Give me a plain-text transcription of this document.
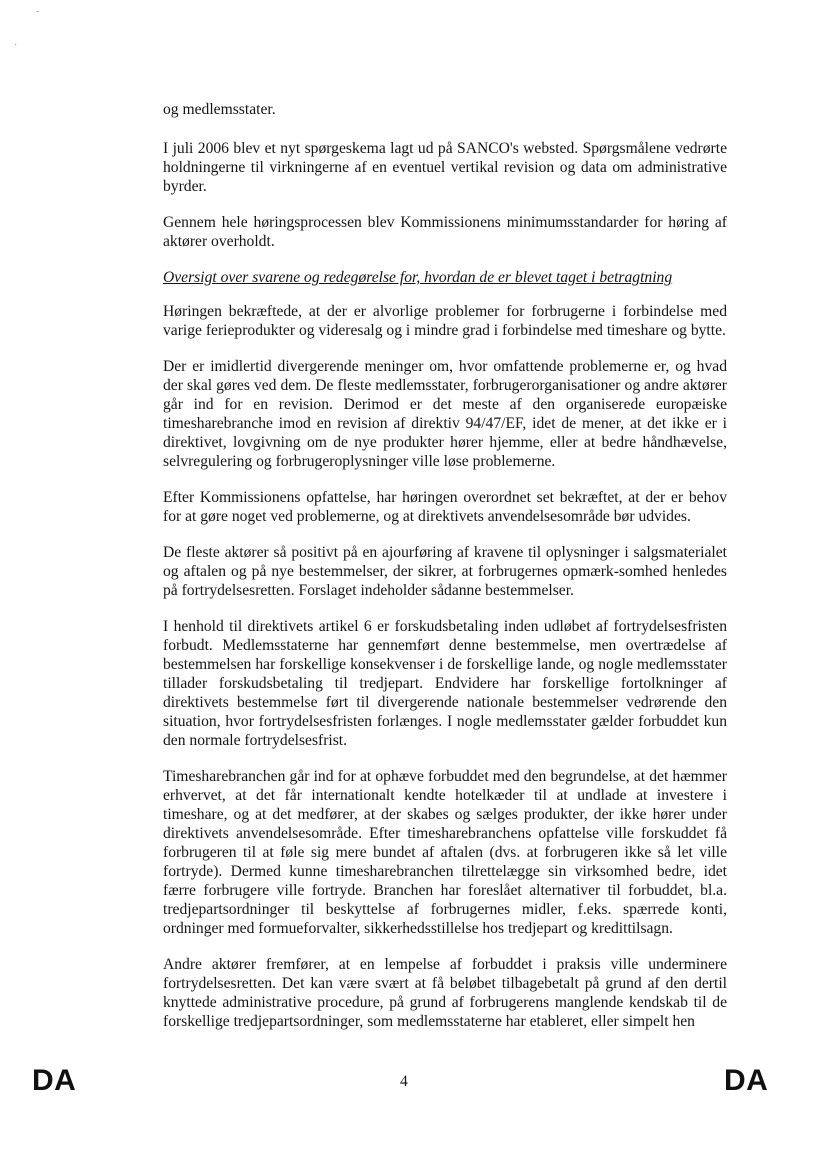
-
·

og medlemsstater.

I juli 2006 blev et nyt spørgeskema lagt ud på SANCO's websted. Spørgsmålene vedrørte holdningerne til virkningerne af en eventuel vertikal revision og data om administrative byrder.

Gennem hele høringsprocessen blev Kommissionens minimumsstandarder for høring af aktører overholdt.

Oversigt over svarene og redegørelse for, hvordan de er blevet taget i betragtning

Høringen bekræftede, at der er alvorlige problemer for forbrugerne i forbindelse med varige ferieprodukter og videresalg og i mindre grad i forbindelse med timeshare og bytte.

Der er imidlertid divergerende meninger om, hvor omfattende problemerne er, og hvad der skal gøres ved dem. De fleste medlemsstater, forbrugerorganisationer og andre aktører går ind for en revision. Derimod er det meste af den organiserede europæiske timesharebranche imod en revision af direktiv 94/47/EF, idet de mener, at det ikke er i direktivet, lovgivning om de nye produkter hører hjemme, eller at bedre håndhævelse, selvregulering og forbrugeroplysninger ville løse problemerne.

Efter Kommissionens opfattelse, har høringen overordnet set bekræftet, at der er behov for at gøre noget ved problemerne, og at direktivets anvendelsesområde bør udvides.

De fleste aktører så positivt på en ajourføring af kravene til oplysninger i salgsmaterialet og aftalen og på nye bestemmelser, der sikrer, at forbrugernes opmærk-somhed henledes på fortrydelsesretten. Forslaget indeholder sådanne bestemmelser.

I henhold til direktivets artikel 6 er forskudsbetaling inden udløbet af fortrydelsesfristen forbudt. Medlemsstaterne har gennemført denne bestemmelse, men overtrædelse af bestemmelsen har forskellige konsekvenser i de forskellige lande, og nogle medlemsstater tillader forskudsbetaling til tredjepart. Endvidere har forskellige fortolkninger af direktivets bestemmelse ført til divergerende nationale bestemmelser vedrørende den situation, hvor fortrydelsesfristen forlænges. I nogle medlemsstater gælder forbuddet kun den normale fortrydelsesfrist.

Timesharebranchen går ind for at ophæve forbuddet med den begrundelse, at det hæmmer erhvervet, at det får internationalt kendte hotelkæder til at undlade at investere i timeshare, og at det medfører, at der skabes og sælges produkter, der ikke hører under direktivets anvendelsesområde. Efter timesharebranchens opfattelse ville forskuddet få forbrugeren til at føle sig mere bundet af aftalen (dvs. at forbrugeren ikke så let ville fortryde). Dermed kunne timesharebranchen tilrettelægge sin virksomhed bedre, idet færre forbrugere ville fortryde. Branchen har foreslået alternativer til forbuddet, bl.a. tredjepartsordninger til beskyttelse af forbrugernes midler, f.eks. spærrede konti, ordninger med formueforvalter, sikkerhedsstillelse hos tredjepart og kredittilsagn.

Andre aktører fremfører, at en lempelse af forbuddet i praksis ville underminere fortrydelsesretten. Det kan være svært at få beløbet tilbagebetalt på grund af den dertil knyttede administrative procedure, på grund af forbrugerens manglende kendskab til de forskellige tredjepartsordninger, som medlemsstaterne har etableret, eller simpelt hen

DA	4	DA
